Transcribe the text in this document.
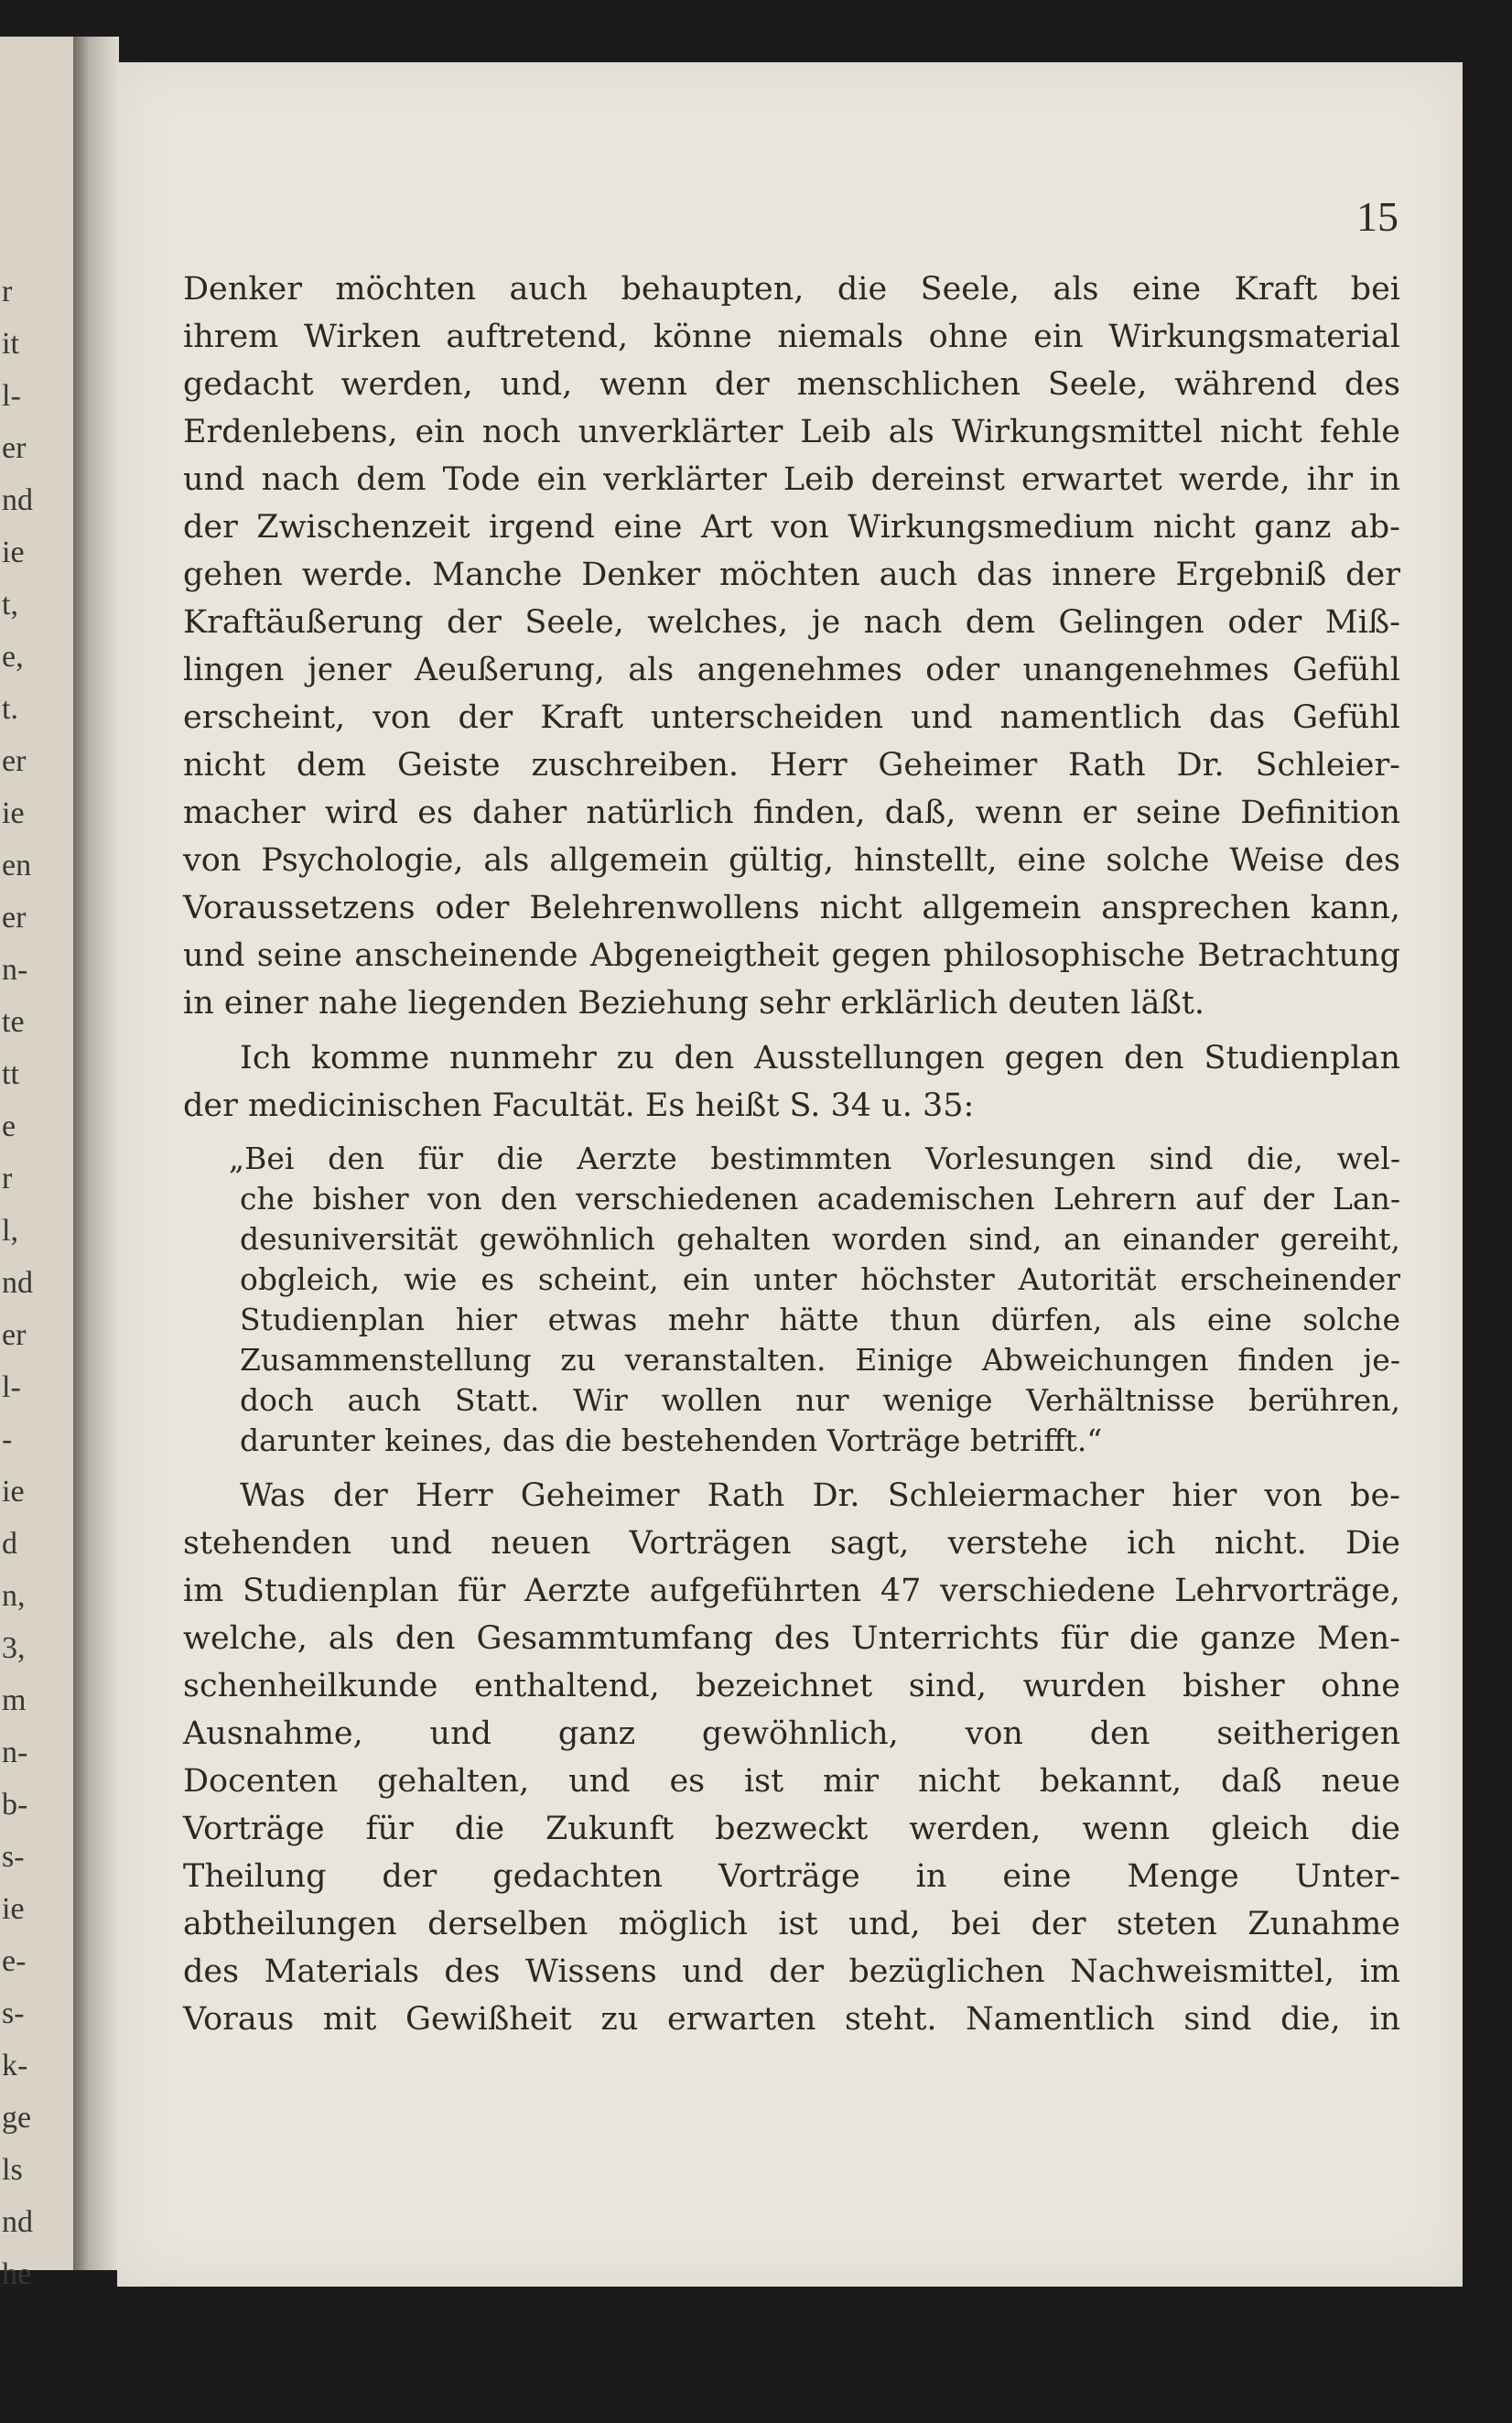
r
it
l-
er
nd
ie
t,
e,
t.
er
ie
en
er
n-
te
tt
e
r
l,
nd
er
l-
-
ie
d
n,
3,
m
n-
b-
s-
ie
e-
s-
k-
ge
ls
nd
he
15
Denker möchten auch behaupten, die Seele, als eine Kraft bei
ihrem Wirken auftretend, könne niemals ohne ein Wirkungsmaterial
gedacht werden, und, wenn der menschlichen Seele, während des
Erdenlebens, ein noch unverklärter Leib als Wirkungsmittel nicht fehle
und nach dem Tode ein verklärter Leib dereinst erwartet werde, ihr in
der Zwischenzeit irgend eine Art von Wirkungsmedium nicht ganz ab-
gehen werde. Manche Denker möchten auch das innere Ergebniß der
Kraftäußerung der Seele, welches, je nach dem Gelingen oder Miß-
lingen jener Aeußerung, als angenehmes oder unangenehmes Gefühl
erscheint, von der Kraft unterscheiden und namentlich das Gefühl
nicht dem Geiste zuschreiben. Herr Geheimer Rath Dr. Schleier-
macher wird es daher natürlich finden, daß, wenn er seine Definition
von Psychologie, als allgemein gültig, hinstellt, eine solche Weise des
Voraussetzens oder Belehrenwollens nicht allgemein ansprechen kann,
und seine anscheinende Abgeneigtheit gegen philosophische Betrachtung
in einer nahe liegenden Beziehung sehr erklärlich deuten läßt.
Ich komme nunmehr zu den Ausstellungen gegen den Studienplan
der medicinischen Facultät. Es heißt S. 34 u. 35:
„Bei den für die Aerzte bestimmten Vorlesungen sind die, wel-
che bisher von den verschiedenen academischen Lehrern auf der Lan-
desuniversität gewöhnlich gehalten worden sind, an einander gereiht,
obgleich, wie es scheint, ein unter höchster Autorität erscheinender
Studienplan hier etwas mehr hätte thun dürfen, als eine solche
Zusammenstellung zu veranstalten. Einige Abweichungen finden je-
doch auch Statt. Wir wollen nur wenige Verhältnisse berühren,
darunter keines, das die bestehenden Vorträge betrifft.“
Was der Herr Geheimer Rath Dr. Schleiermacher hier von be-
stehenden und neuen Vorträgen sagt, verstehe ich nicht. Die
im Studienplan für Aerzte aufgeführten 47 verschiedene Lehrvorträge,
welche, als den Gesammtumfang des Unterrichts für die ganze Men-
schenheilkunde enthaltend, bezeichnet sind, wurden bisher ohne
Ausnahme, und ganz gewöhnlich, von den seitherigen
Docenten gehalten, und es ist mir nicht bekannt, daß neue
Vorträge für die Zukunft bezweckt werden, wenn gleich die
Theilung der gedachten Vorträge in eine Menge Unter-
abtheilungen derselben möglich ist und, bei der steten Zunahme
des Materials des Wissens und der bezüglichen Nachweismittel, im
Voraus mit Gewißheit zu erwarten steht. Namentlich sind die, in
